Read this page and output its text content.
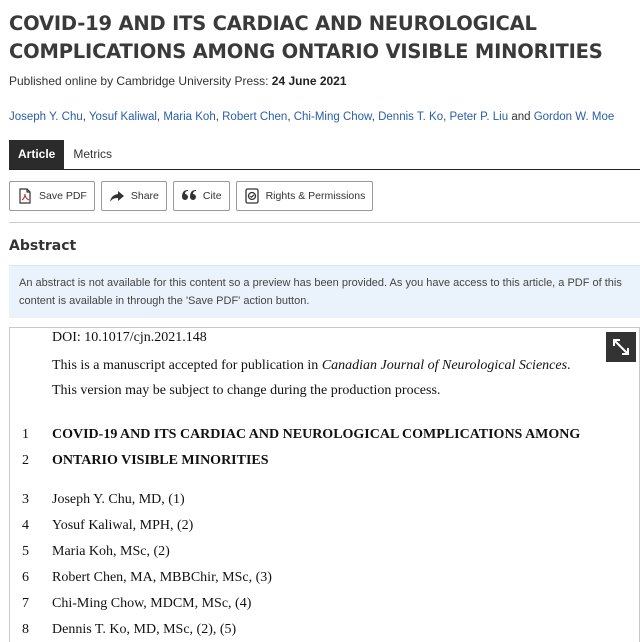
COVID-19 AND ITS CARDIAC AND NEUROLOGICAL COMPLICATIONS AMONG ONTARIO VISIBLE MINORITIES
Published online by Cambridge University Press: 24 June 2021
Joseph Y. Chu, Yosuf Kaliwal, Maria Koh, Robert Chen, Chi-Ming Chow, Dennis T. Ko, Peter P. Liu and Gordon W. Moe
Article	Metrics
Save PDF	Share	Cite	Rights & Permissions
Abstract
An abstract is not available for this content so a preview has been provided. As you have access to this article, a PDF of this content is available in through the 'Save PDF' action button.
DOI: 10.1017/cjn.2021.148
This is a manuscript accepted for publication in Canadian Journal of Neurological Sciences.
This version may be subject to change during the production process.
1 COVID-19 AND ITS CARDIAC AND NEUROLOGICAL COMPLICATIONS AMONG
2 ONTARIO VISIBLE MINORITIES
3 Joseph Y. Chu, MD, (1)
4 Yosuf Kaliwal, MPH, (2)
5 Maria Koh, MSc, (2)
6 Robert Chen, MA, MBBChir, MSc, (3)
7 Chi-Ming Chow, MDCM, MSc, (4)
8 Dennis T. Ko, MD, MSc, (2), (5)
